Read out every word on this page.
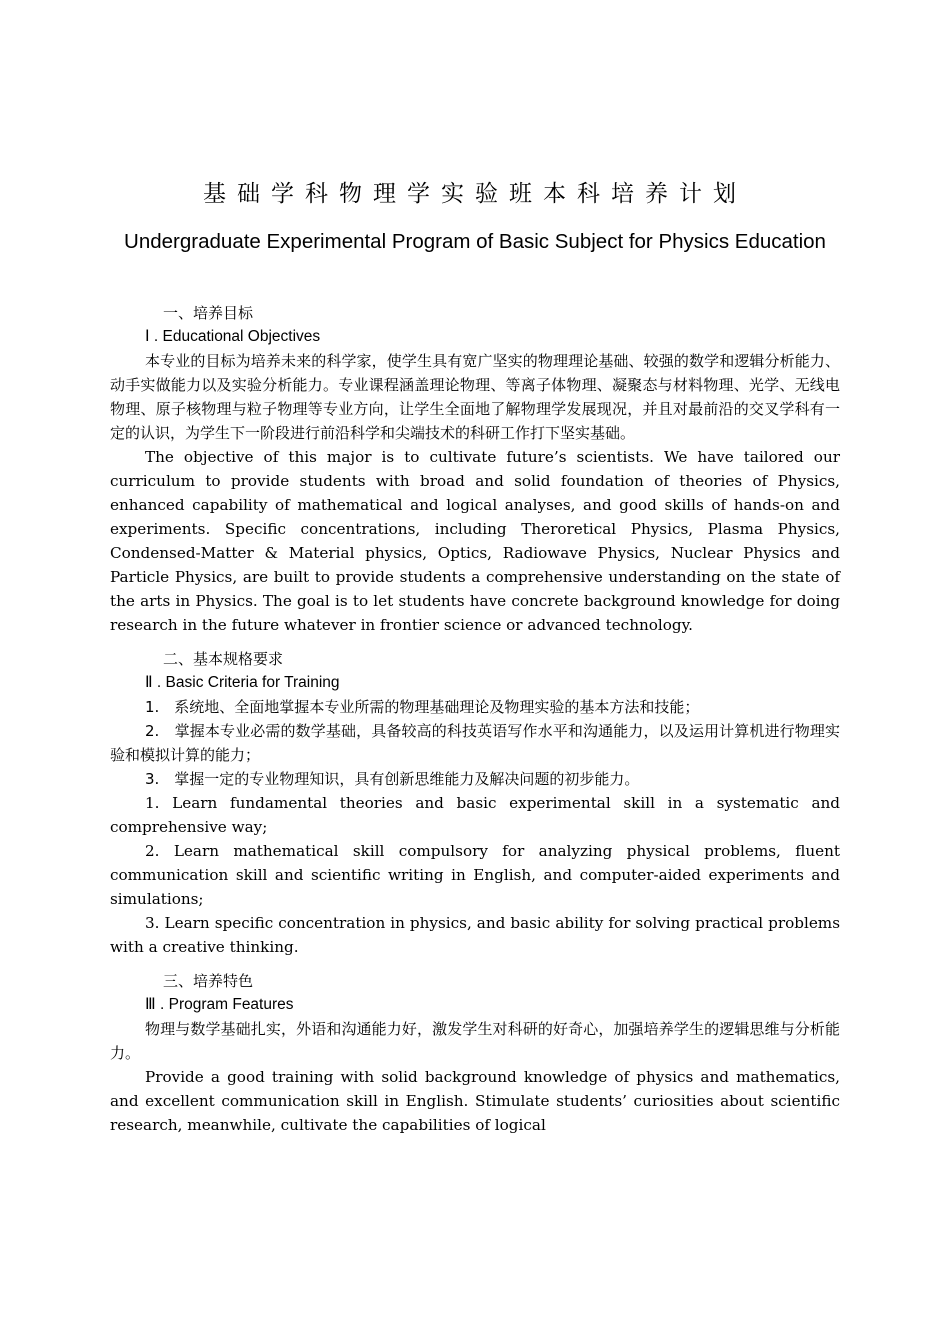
基础学科物理学实验班本科培养计划
Undergraduate Experimental Program of Basic Subject for Physics Education

一、培养目标

Ⅰ . Educational Objectives

本专业的目标为培养未来的科学家，使学生具有宽广坚实的物理理论基础、较强的数学和逻辑分析能力、动手实做能力以及实验分析能力。专业课程涵盖理论物理、等离子体物理、凝聚态与材料物理、光学、无线电物理、原子核物理与粒子物理等专业方向，让学生全面地了解物理学发展现况，并且对最前沿的交叉学科有一定的认识，为学生下一阶段进行前沿科学和尖端技术的科研工作打下坚实基础。

The objective of this major is to cultivate future’s scientists. We have tailored our curriculum to provide students with broad and solid foundation of theories of Physics, enhanced capability of mathematical and logical analyses, and good skills of hands-on and experiments. Specific concentrations, including Theroretical Physics, Plasma Physics, Condensed-Matter & Material physics, Optics, Radiowave Physics, Nuclear Physics and Particle Physics, are built to provide students a comprehensive understanding on the state of the arts in Physics. The goal is to let students have concrete background knowledge for doing research in the future whatever in frontier science or advanced technology.

二、基本规格要求

Ⅱ . Basic Criteria for Training

1.　系统地、全面地掌握本专业所需的物理基础理论及物理实验的基本方法和技能；

2.　掌握本专业必需的数学基础，具备较高的科技英语写作水平和沟通能力，以及运用计算机进行物理实验和模拟计算的能力；

3.　掌握一定的专业物理知识，具有创新思维能力及解决问题的初步能力。

1. Learn fundamental theories and basic experimental skill in a systematic and comprehensive way;

2. Learn mathematical skill compulsory for analyzing physical problems, fluent communication skill and scientific writing in English, and computer-aided experiments and simulations;

3. Learn specific concentration in physics, and basic ability for solving practical problems with a creative thinking.

三、培养特色

Ⅲ . Program Features

物理与数学基础扎实，外语和沟通能力好，激发学生对科研的好奇心，加强培养学生的逻辑思维与分析能力。

Provide a good training with solid background knowledge of physics and mathematics, and excellent communication skill in English. Stimulate students’ curiosities about scientific research, meanwhile, cultivate the capabilities of logical
